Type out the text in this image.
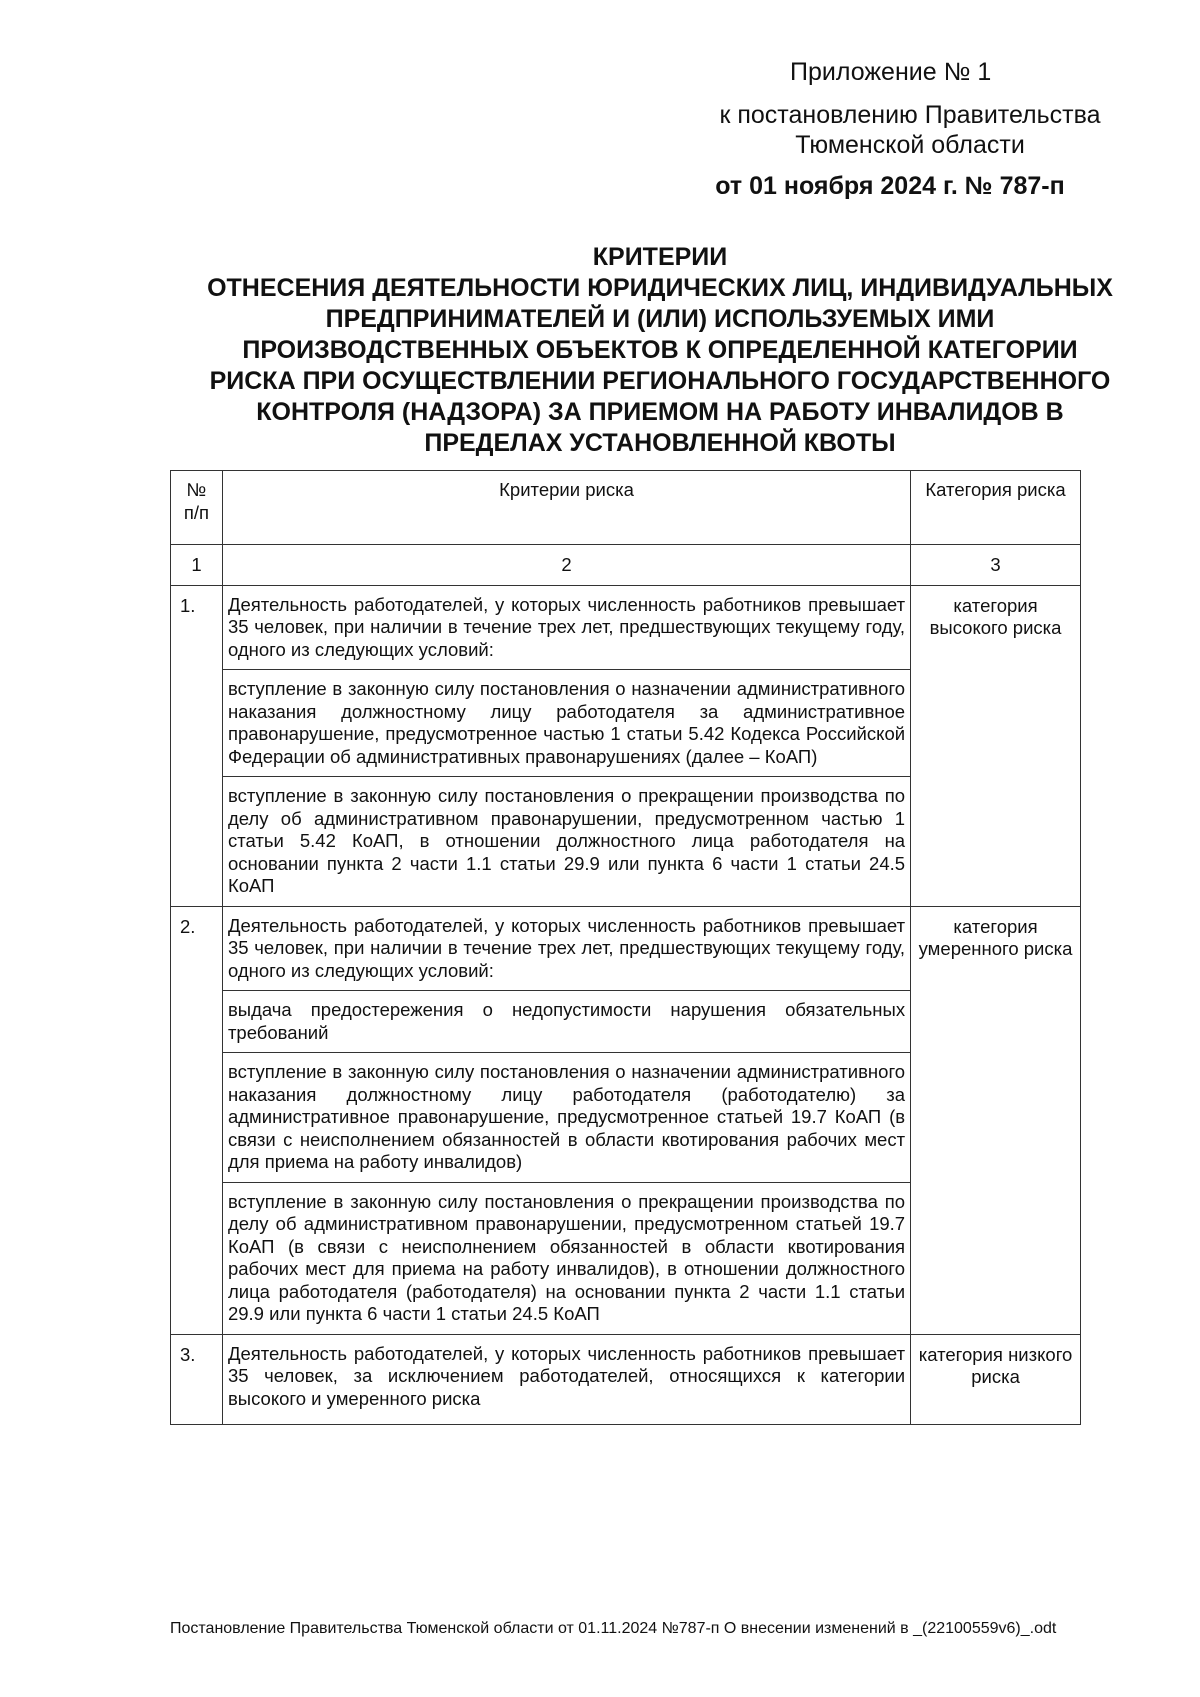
Приложение № 1
к постановлению Правительства
Тюменской области
от 01 ноября 2024 г. № 787-п
КРИТЕРИИ
ОТНЕСЕНИЯ ДЕЯТЕЛЬНОСТИ ЮРИДИЧЕСКИХ ЛИЦ, ИНДИВИДУАЛЬНЫХ
ПРЕДПРИНИМАТЕЛЕЙ И (ИЛИ) ИСПОЛЬЗУЕМЫХ ИМИ
ПРОИЗВОДСТВЕННЫХ ОБЪЕКТОВ К ОПРЕДЕЛЕННОЙ КАТЕГОРИИ
РИСКА ПРИ ОСУЩЕСТВЛЕНИИ РЕГИОНАЛЬНОГО ГОСУДАРСТВЕННОГО
КОНТРОЛЯ (НАДЗОРА) ЗА ПРИЕМОМ НА РАБОТУ ИНВАЛИДОВ В
ПРЕДЕЛАХ УСТАНОВЛЕННОЙ КВОТЫ
№ п/п	Критерии риска	Категория риска
1	2	3
1.	Деятельность работодателей, у которых численность работников превышает 35 человек, при наличии в течение трех лет, предшествующих текущему году, одного из следующих условий:	категория высокого риска
	вступление в законную силу постановления о назначении административного наказания должностному лицу работодателя за административное правонарушение, предусмотренное частью 1 статьи 5.42 Кодекса Российской Федерации об административных правонарушениях (далее – КоАП)	
	вступление в законную силу постановления о прекращении производства по делу об административном правонарушении, предусмотренном частью 1 статьи 5.42 КоАП, в отношении должностного лица работодателя на основании пункта 2 части 1.1 статьи 29.9 или пункта 6 части 1 статьи 24.5 КоАП	
2.	Деятельность работодателей, у которых численность работников превышает 35 человек, при наличии в течение трех лет, предшествующих текущему году, одного из следующих условий:	категория умеренного риска
	выдача предостережения о недопустимости нарушения обязательных требований	
	вступление в законную силу постановления о назначении административного наказания должностному лицу работодателя (работодателю) за административное правонарушение, предусмотренное статьей 19.7 КоАП (в связи с неисполнением обязанностей в области квотирования рабочих мест для приема на работу инвалидов)	
	вступление в законную силу постановления о прекращении производства по делу об административном правонарушении, предусмотренном статьей 19.7 КоАП (в связи с неисполнением обязанностей в области квотирования рабочих мест для приема на работу инвалидов), в отношении должностного лица работодателя (работодателя) на основании пункта 2 части 1.1 статьи 29.9 или пункта 6 части 1 статьи 24.5 КоАП	
3.	Деятельность работодателей, у которых численность работников превышает 35 человек, за исключением работодателей, относящихся к категории высокого и умеренного риска	категория низкого риска
Постановление Правительства Тюменской области от 01.11.2024 №787-п О внесении изменений в _(22100559v6)_.odt
